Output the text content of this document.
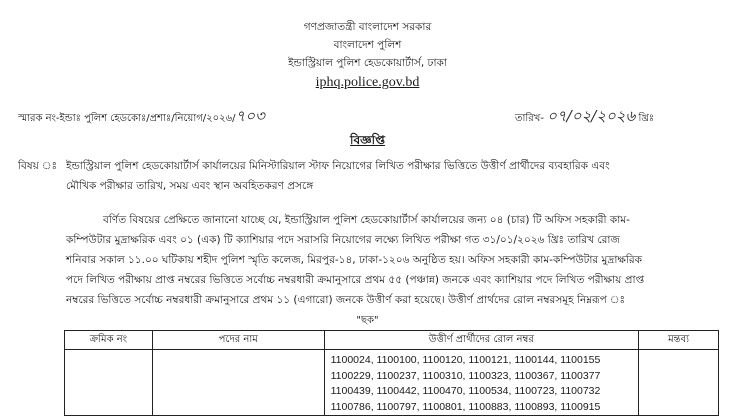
গণপ্রজাতন্ত্রী বাংলাদেশ সরকার
বাংলাদেশ পুলিশ
ইন্ডাস্ট্রিয়াল পুলিশ হেডকোয়ার্টার্স, ঢাকা
iphq.police.gov.bd
স্মারক নং-ইন্ডাঃ পুলিশ হেডকোঃ/প্রশাঃ/নিয়োগ/২০২৬/৭০৩	তারিখ- ০৭/০২/২০২৬ খ্রিঃ
বিজ্ঞপ্তি
বিষয় ঃ ইন্ডাস্ট্রিয়াল পুলিশ হেডকোয়ার্টার্স কার্যালয়ের মিনিস্টারিয়াল স্টাফ নিয়োগের লিখিত পরীক্ষার ভিত্তিতে উত্তীর্ণ প্রার্থীদের ব্যবহারিক এবং
মৌখিক পরীক্ষার তারিখ, সময় এবং স্থান অবহিতকরণ প্রসঙ্গে
বর্ণিত বিষয়ের প্রেক্ষিতে জানানো যাচ্ছে যে, ইন্ডাস্ট্রিয়াল পুলিশ হেডকোয়ার্টার্স কার্যালয়ের জন্য ০৪ (চার) টি অফিস সহকারী কাম-
কম্পিউটার মুদ্রাক্ষরিক এবং ০১ (এক) টি ক্যাশিয়ার পদে সরাসরি নিয়োগের লক্ষ্যে লিখিত পরীক্ষা গত ৩১/০১/২০২৬ খ্রিঃ তারিখ রোজ
শনিবার সকাল ১১.০০ ঘটিকায় শহীদ পুলিশ স্মৃতি কলেজ, মিরপুর-১৪, ঢাকা-১২০৬ অনুষ্ঠিত হয়। অফিস সহকারী কাম-কম্পিউটার মুদ্রাক্ষরিক
পদে লিখিত পরীক্ষায় প্রাপ্ত নম্বরের ভিত্তিতে সর্বোচ্চ নম্বরধারী ক্রমানুসারে প্রথম ৫৫ (পঞ্চান্ন) জনকে এবং ক্যাশিয়ার পদে লিখিত পরীক্ষায় প্রাপ্ত
নম্বরের ভিত্তিতে সর্বোচ্চ নম্বরধারী ক্রমানুসারে প্রথম ১১ (এগারো) জনকে উত্তীর্ণ করা হয়েছে। উত্তীর্ণ প্রার্থদের রোল নম্বরসমূহ নিম্নরূপ ঃ
"ছক"
ক্রমিক নং	পদের নাম	উত্তীর্ণ প্রার্থীদের রোল নম্বর	মন্তব্য

		1100024, 1100100, 1100120, 1100121, 1100144, 1100155
1100229, 1100237, 1100310, 1100323, 1100367, 1100377
1100439, 1100442, 1100470, 1100534, 1100723, 1100732
1100786, 1100797, 1100801, 1100883, 1100893, 1100915	
